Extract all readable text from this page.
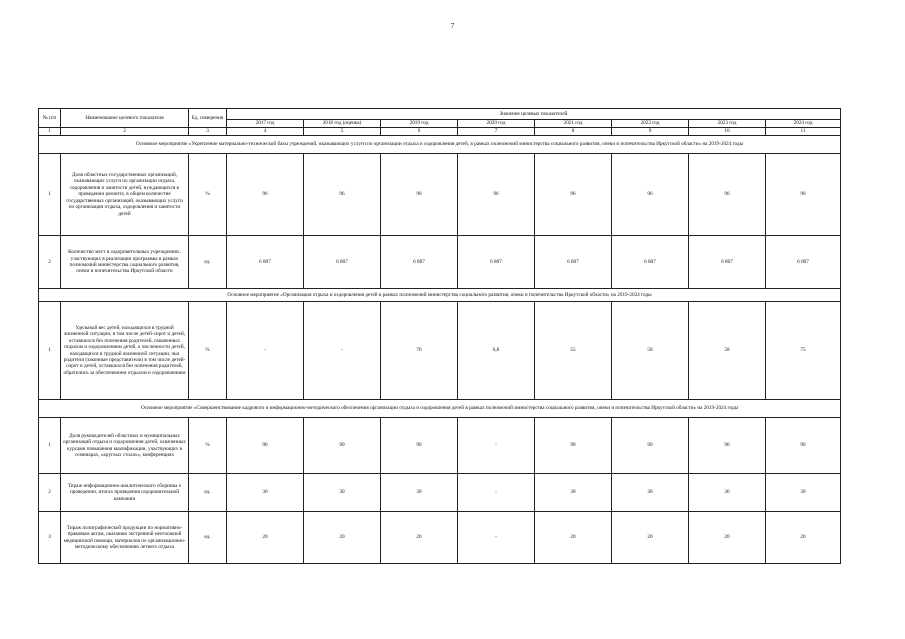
7
№ п/п	Наименование целевого показателя	Ед. измерения	Значение целевых показателей							
			2017 год	2018 год (оценка)	2019 год	2020 год	2021 год	2022 год	2023 год	2024 год
1	2	3	4	5	6	7	8	9	10	11
Основное мероприятие «Укрепление материально-технической базы учреждений, оказывающих услуги по организации отдыха и оздоровления детей, в рамках полномочий министерства социального развития, опеки и попечительства Иркутской области» на 2019-2024 годы										
1	Доля областных государственных организаций, оказывающих услуги по организации отдыха, оздоровления и занятости детей, нуждающихся в проведении ремонта, в общем количестве государственных организаций, оказывающих услуги по организации отдыха, оздоровления и занятости детей	%	96	96	96	96	96	96	96	96
2	Количество мест в оздоровительных учреждениях, участвующих в реализации программы в рамках полномочий министерства социального развития, опеки и попечительства Иркутской области	ед.	6 807	6 807	6 807	6 807	6 807	6 807	6 807	6 807
Основное мероприятие «Организация отдыха и оздоровления детей в рамках полномочий министерства социального развития, опеки и попечительства Иркутской области» на 2019-2024 годы										
1	Удельный вес детей, находящихся в трудной жизненной ситуации, в том числе детей-сирот и детей, оставшихся без попечения родителей, охваченных отдыхом и оздоровлением детей, к численности детей, находящихся в трудной жизненной ситуации, чьи родители (законные представители) в том числе детей-сирот и детей, оставшихся без попечения родителей, обратились за обеспечением отдыхом и оздоровлением	%	-	-	70	6,8	55	58	58	75
Основное мероприятие «Совершенствование кадрового и информационно-методического обеспечения организации отдыха и оздоровления детей в рамках полномочий министерства социального развития, опеки и попечительства Иркутской области» на 2019-2024 годы										
1	Доля руководителей областных и муниципальных организаций отдыха и оздоровления детей, охваченных курсами повышения квалификации, участвующих в семинарах, «круглых столах», конференциях	%	90	90	90	-	90	90	90	90
2	Тираж информационно-аналитического сборника о проведении, итогах проведения оздоровительной кампании	ед.	30	30	30	-	30	30	30	30
3	Тираж полиграфической продукции по нормативно-правовым актам, оказанию экстренной неотложной медицинской помощи, материалов по организационно-методическому обеспечению летнего отдыха	ед.	20	20	20	-	20	20	20	20
